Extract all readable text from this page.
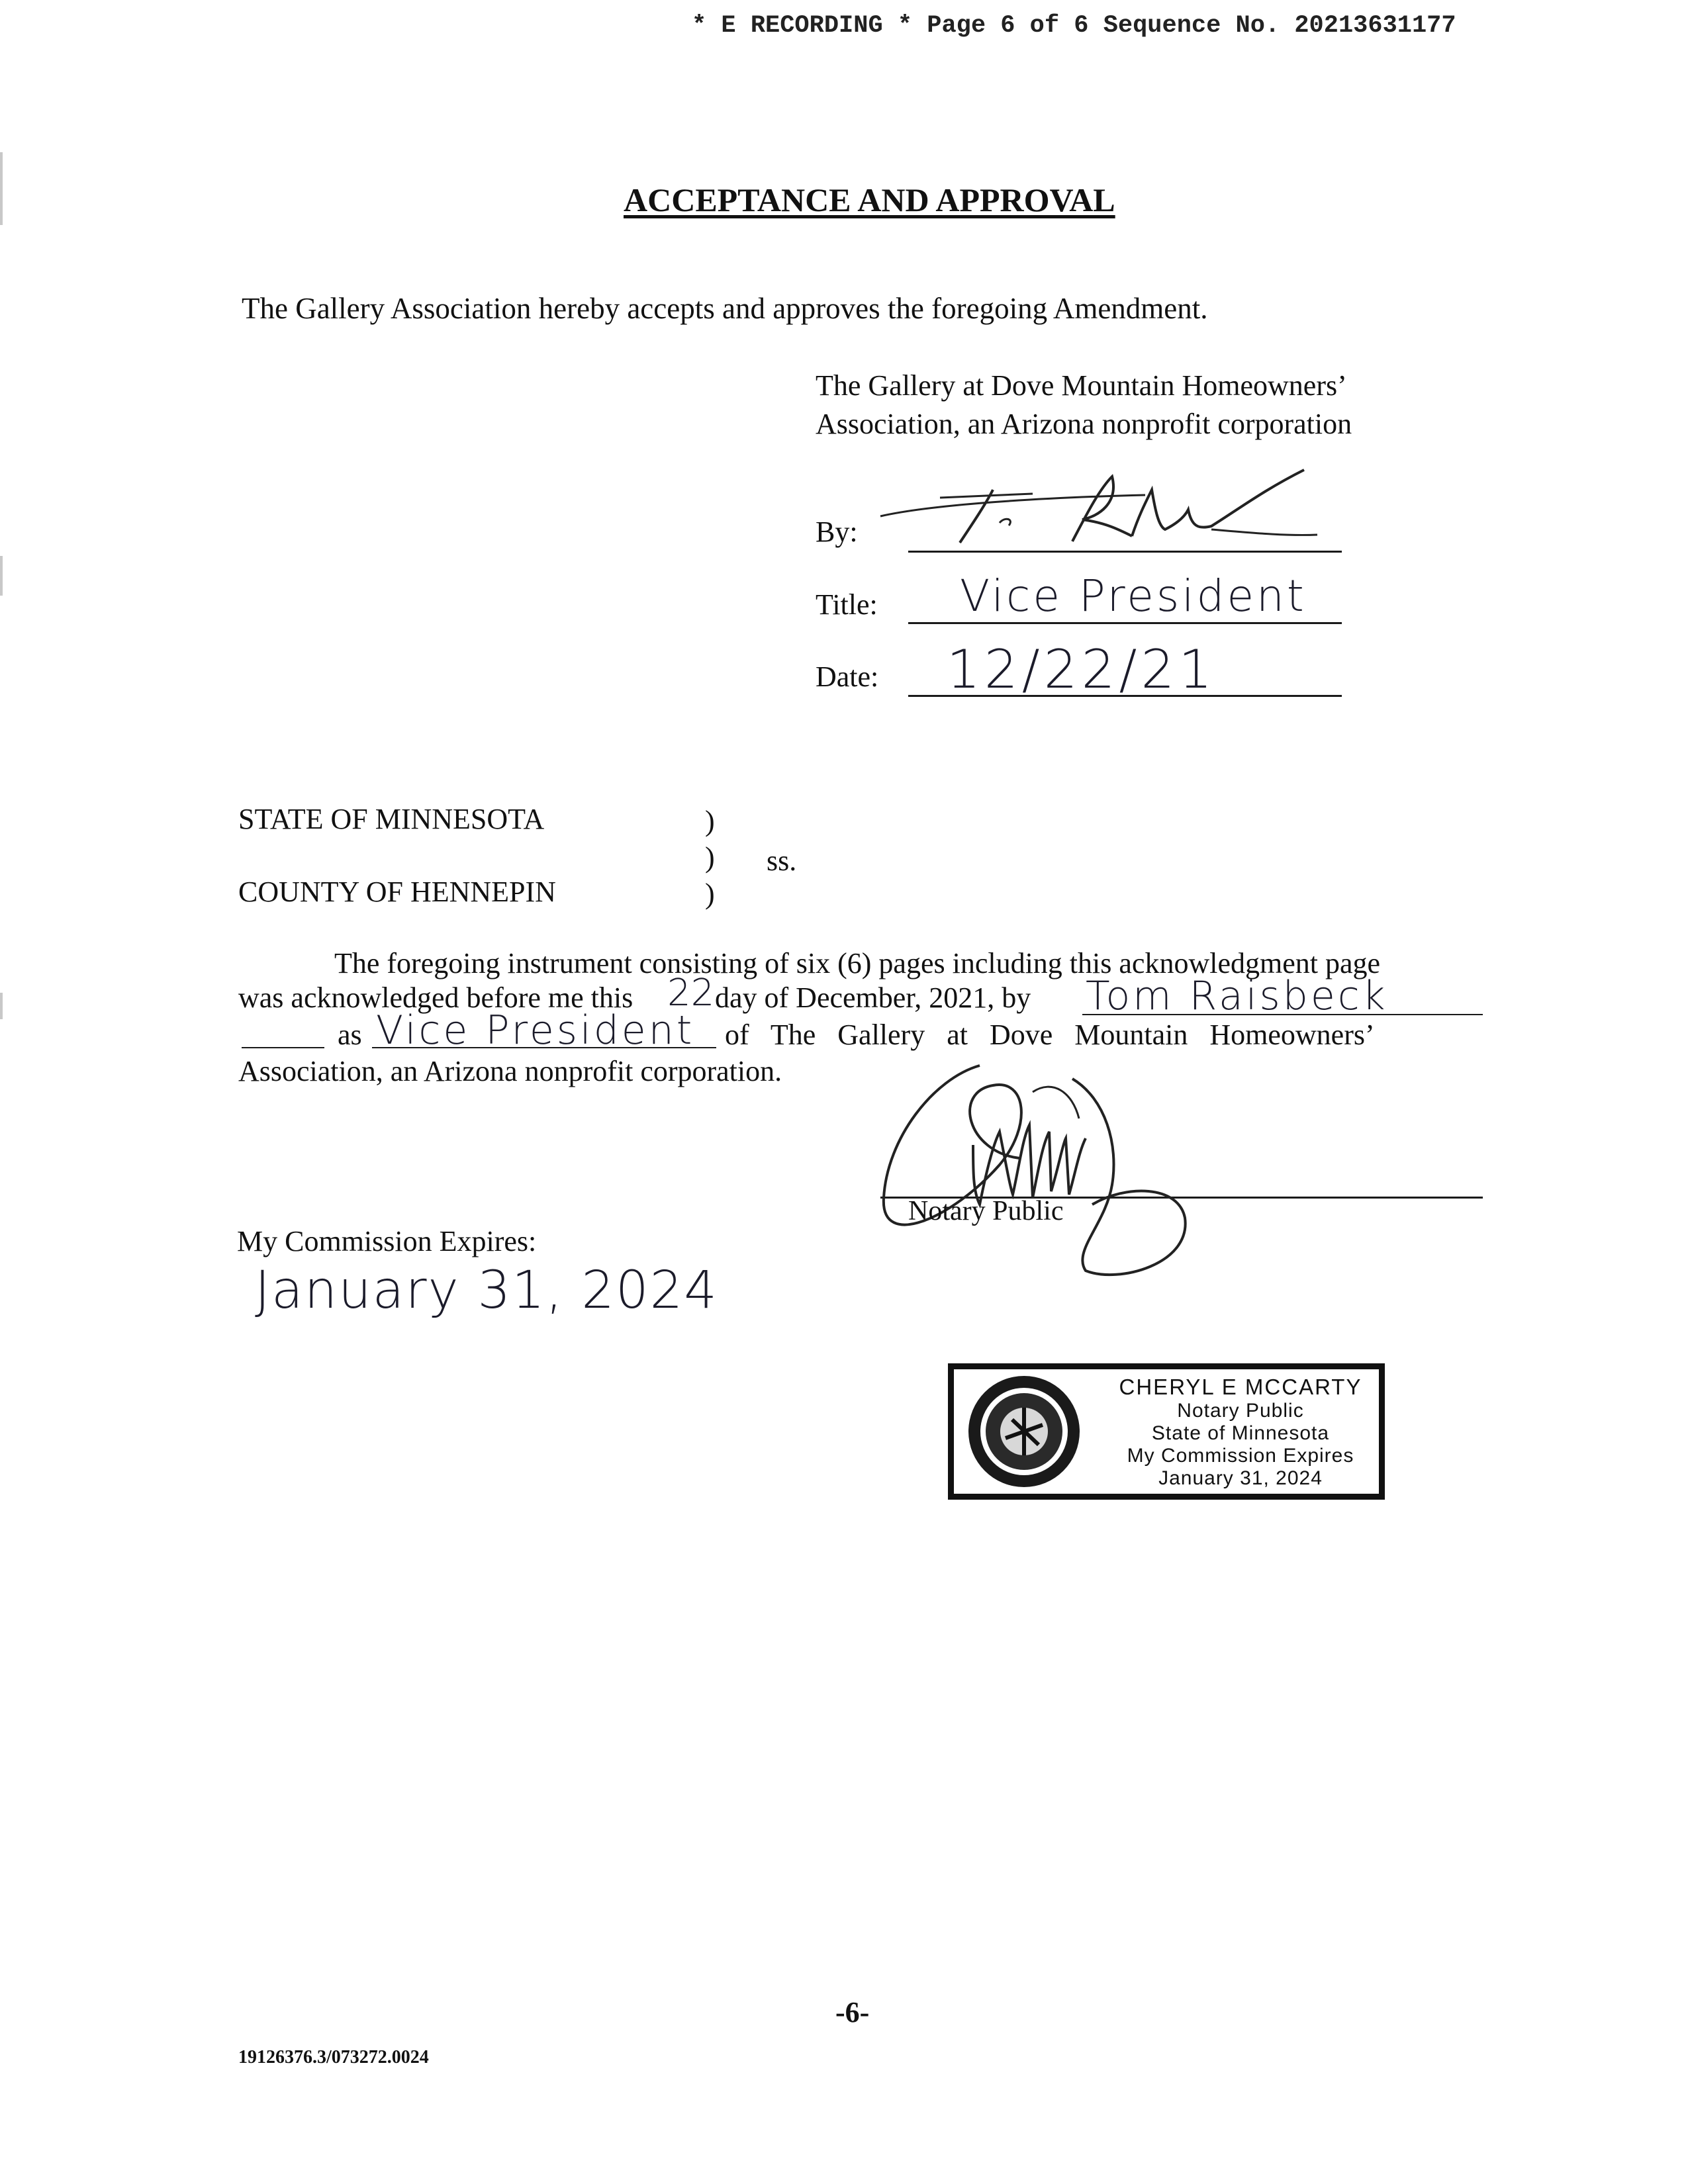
* E RECORDING * Page 6 of 6 Sequence No. 20213631177
ACCEPTANCE AND APPROVAL
The Gallery Association hereby accepts and approves the foregoing Amendment.
The Gallery at Dove Mountain Homeowners’
Association, an Arizona nonprofit corporation
By:
Title: Vice President
Date: 12/22/21
STATE OF MINNESOTA	)
) ss.
COUNTY OF HENNEPIN	)
The foregoing instrument consisting of six (6) pages including this acknowledgment page
was acknowledged before me this 22 day of December, 2021, by Tom Raisbeck
as Vice President of The Gallery at Dove Mountain Homeowners’
Association, an Arizona nonprofit corporation.
Notary Public
My Commission Expires:
January 31, 2024
CHERYL E MCCARTY
Notary Public
State of Minnesota
My Commission Expires
January 31, 2024
-6-
19126376.3/073272.0024
